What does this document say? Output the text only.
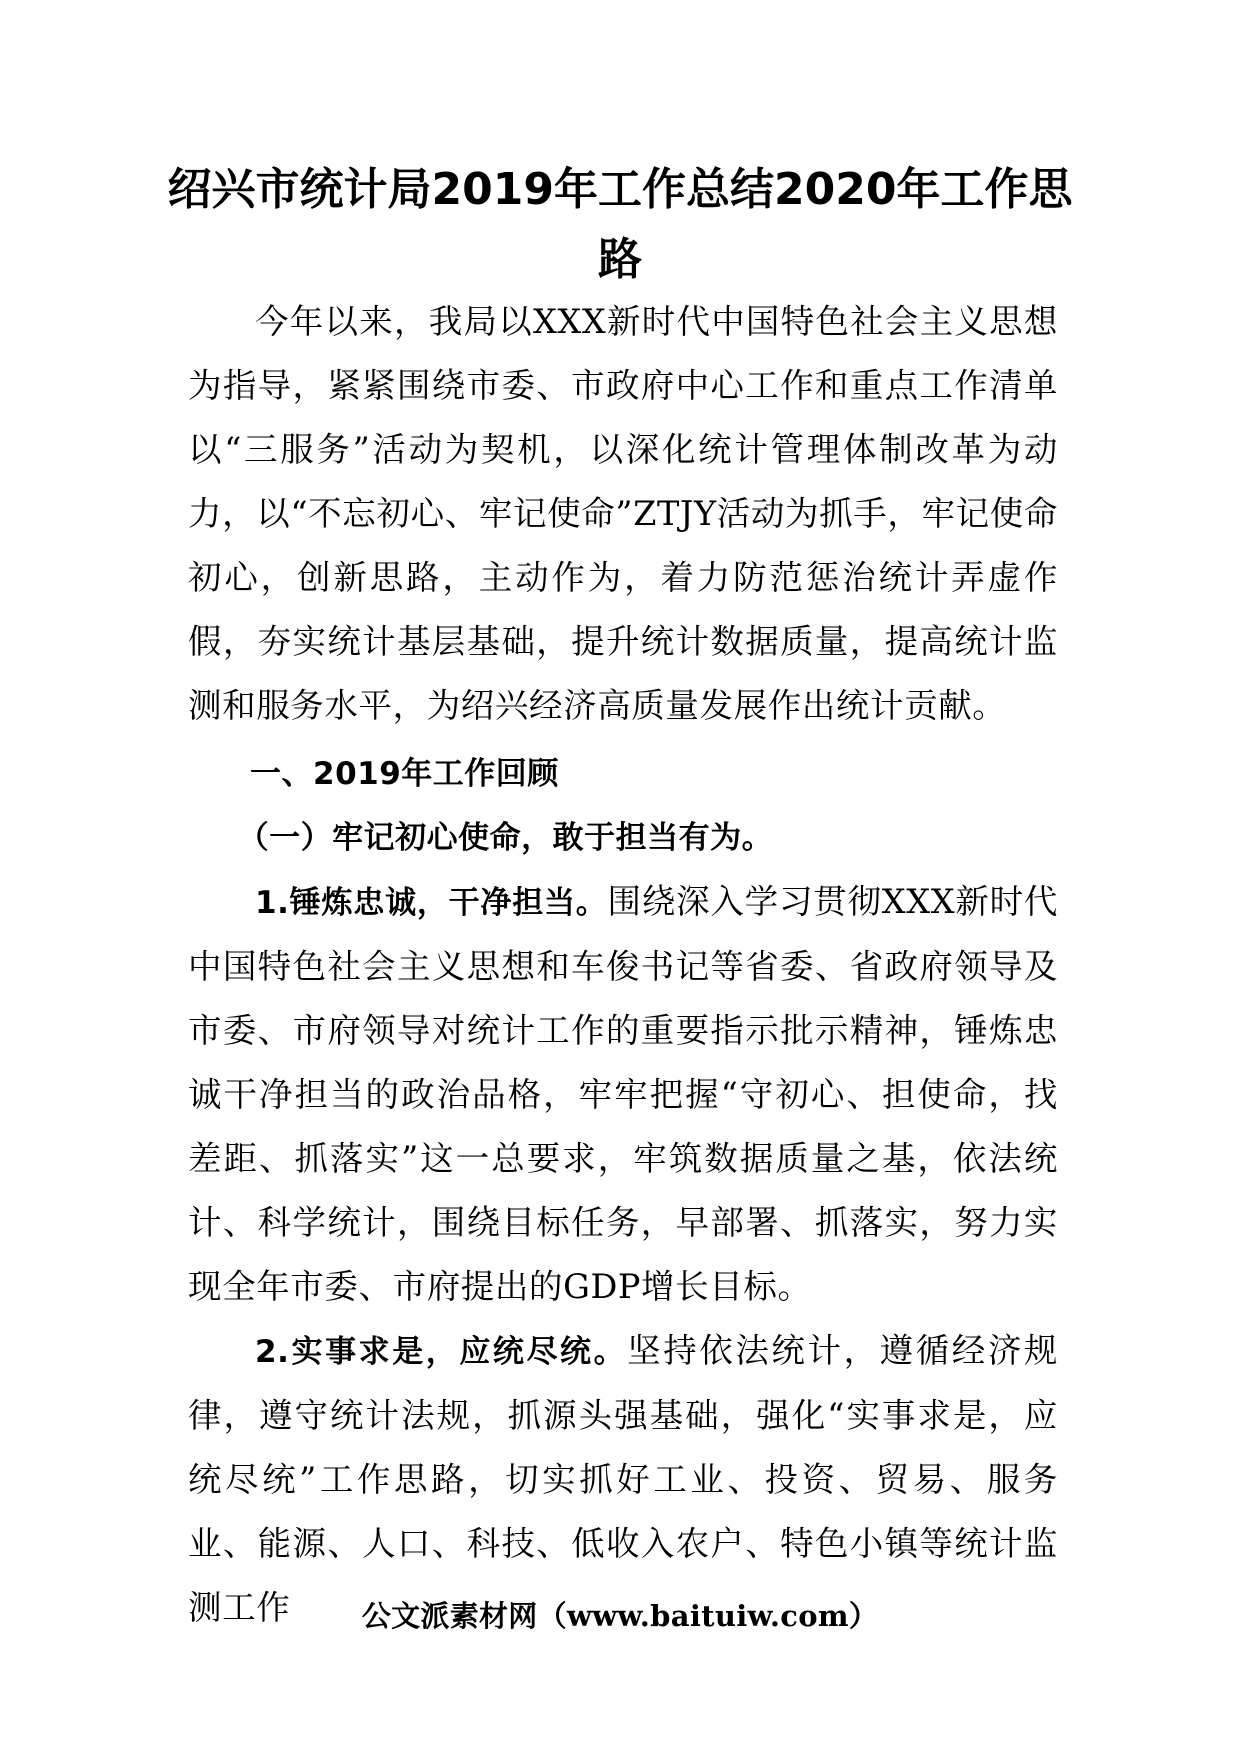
绍兴市统计局2019年工作总结2020年工作思路

今年以来，我局以XXX新时代中国特色社会主义思想为指导，紧紧围绕市委、市政府中心工作和重点工作清单以“三服务”活动为契机，以深化统计管理体制改革为动力，以“不忘初心、牢记使命”ZTJY活动为抓手，牢记使命初心，创新思路，主动作为，着力防范惩治统计弄虚作假，夯实统计基层基础，提升统计数据质量，提高统计监测和服务水平，为绍兴经济高质量发展作出统计贡献。

一、2019年工作回顾

（一）牢记初心使命，敢于担当有为。

1.锤炼忠诚，干净担当。围绕深入学习贯彻XXX新时代中国特色社会主义思想和车俊书记等省委、省政府领导及市委、市府领导对统计工作的重要指示批示精神，锤炼忠诚干净担当的政治品格，牢牢把握“守初心、担使命，找差距、抓落实”这一总要求，牢筑数据质量之基，依法统计、科学统计，围绕目标任务，早部署、抓落实，努力实现全年市委、市府提出的GDP增长目标。

2.实事求是，应统尽统。坚持依法统计，遵循经济规律，遵守统计法规，抓源头强基础，强化“实事求是，应统尽统”工作思路，切实抓好工业、投资、贸易、服务业、能源、人口、科技、低收入农户、特色小镇等统计监测工作	公文派素材网（www.baituiw.com）
